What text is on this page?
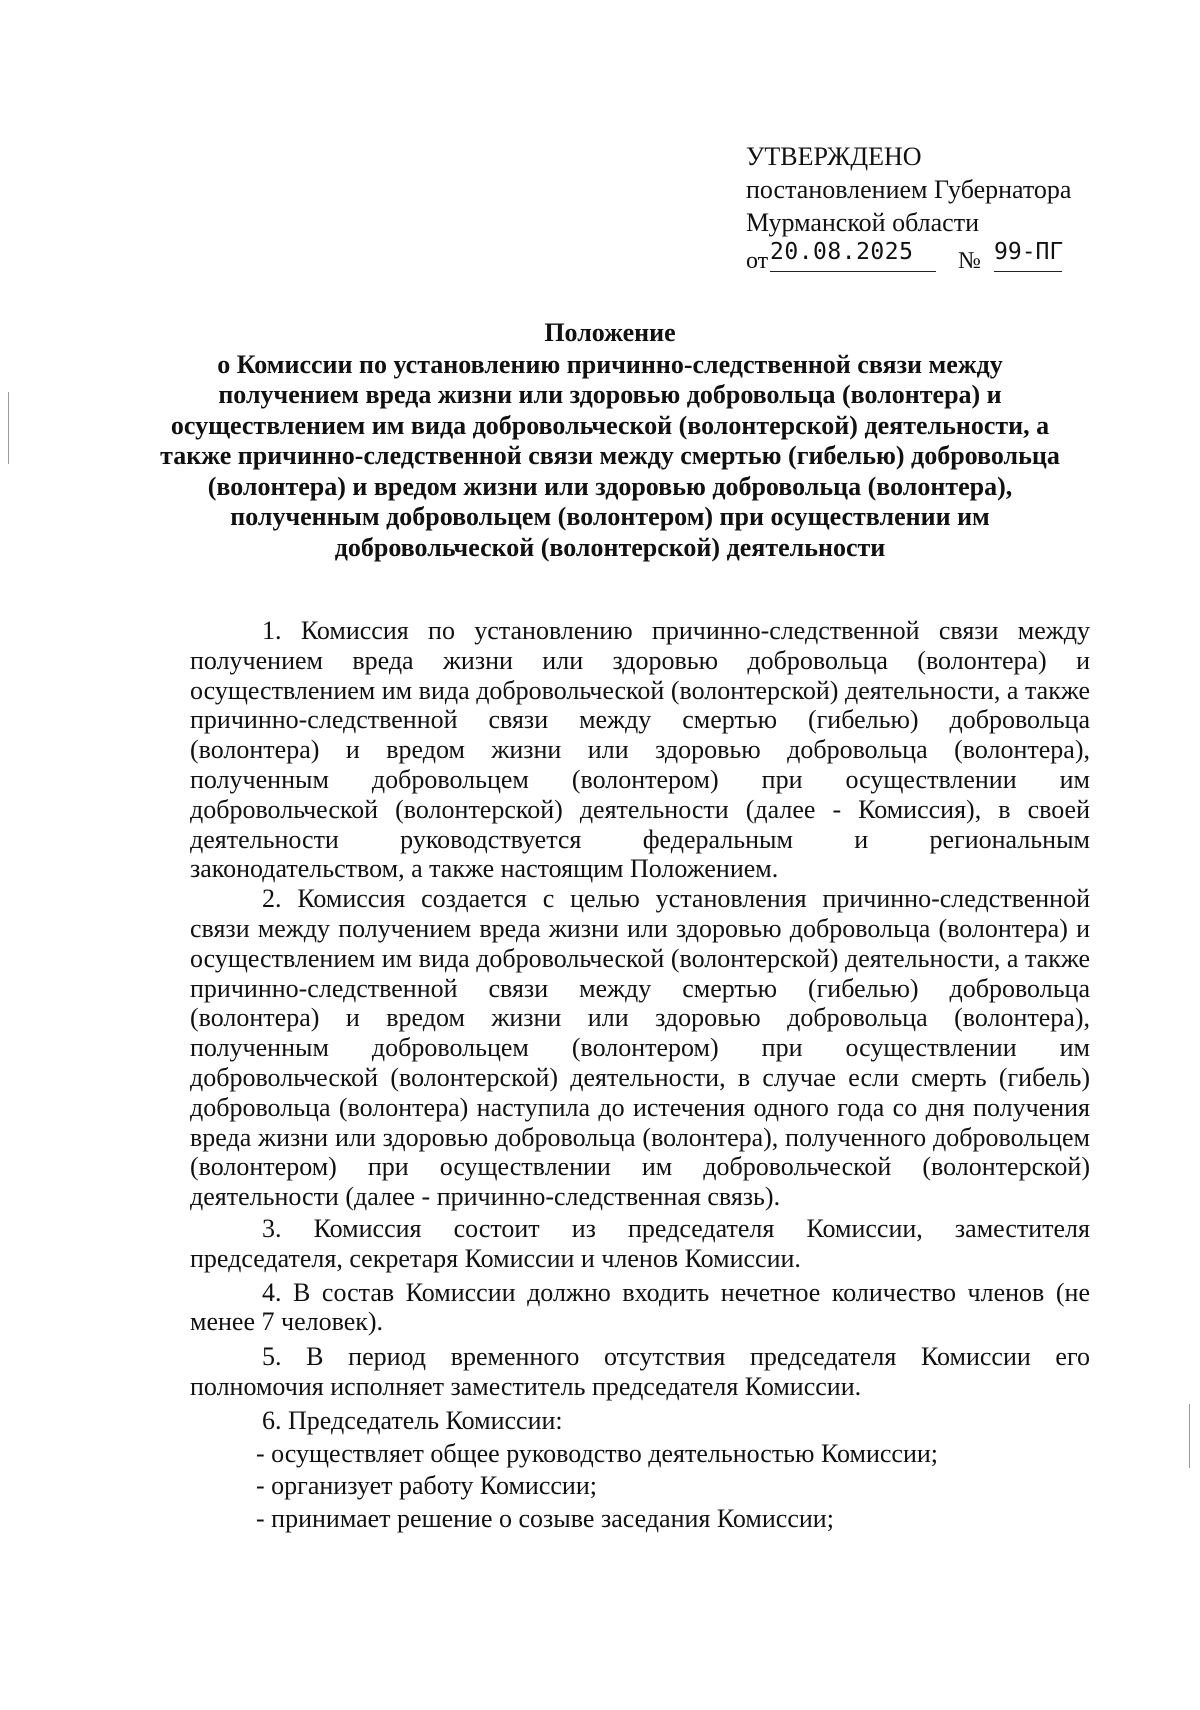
УТВЕРЖДЕНО
постановлением Губернатора
Мурманской области
от 20.08.2025	№ 99-ПГ
Положение
о Комиссии по установлению причинно-следственной связи между получением вреда жизни или здоровью добровольца (волонтера) и осуществлением им вида добровольческой (волонтерской) деятельности, а также причинно-следственной связи между смертью (гибелью) добровольца (волонтера) и вредом жизни или здоровью добровольца (волонтера), полученным добровольцем (волонтером) при осуществлении им добровольческой (волонтерской) деятельности

1. Комиссия по установлению причинно-следственной связи между получением вреда жизни или здоровью добровольца (волонтера) и осуществлением им вида добровольческой (волонтерской) деятельности, а также причинно-следственной связи между смертью (гибелью) добровольца (волонтера) и вредом жизни или здоровью добровольца (волонтера), полученным добровольцем (волонтером) при осуществлении им добровольческой (волонтерской) деятельности (далее - Комиссия), в своей деятельности руководствуется федеральным и региональным законодательством, а также настоящим Положением.

2. Комиссия создается с целью установления причинно-следственной связи между получением вреда жизни или здоровью добровольца (волонтера) и осуществлением им вида добровольческой (волонтерской) деятельности, а также причинно-следственной связи между смертью (гибелью) добровольца (волонтера) и вредом жизни или здоровью добровольца (волонтера), полученным добровольцем (волонтером) при осуществлении им добровольческой (волонтерской) деятельности, в случае если смерть (гибель) добровольца (волонтера) наступила до истечения одного года со дня получения вреда жизни или здоровью добровольца (волонтера), полученного добровольцем (волонтером) при осуществлении им добровольческой (волонтерской) деятельности (далее - причинно-следственная связь).

3. Комиссия состоит из председателя Комиссии, заместителя председателя, секретаря Комиссии и членов Комиссии.

4. В состав Комиссии должно входить нечетное количество членов (не менее 7 человек).

5. В период временного отсутствия председателя Комиссии его полномочия исполняет заместитель председателя Комиссии.

6. Председатель Комиссии:

- осуществляет общее руководство деятельностью Комиссии;

- организует работу Комиссии;

- принимает решение о созыве заседания Комиссии;
